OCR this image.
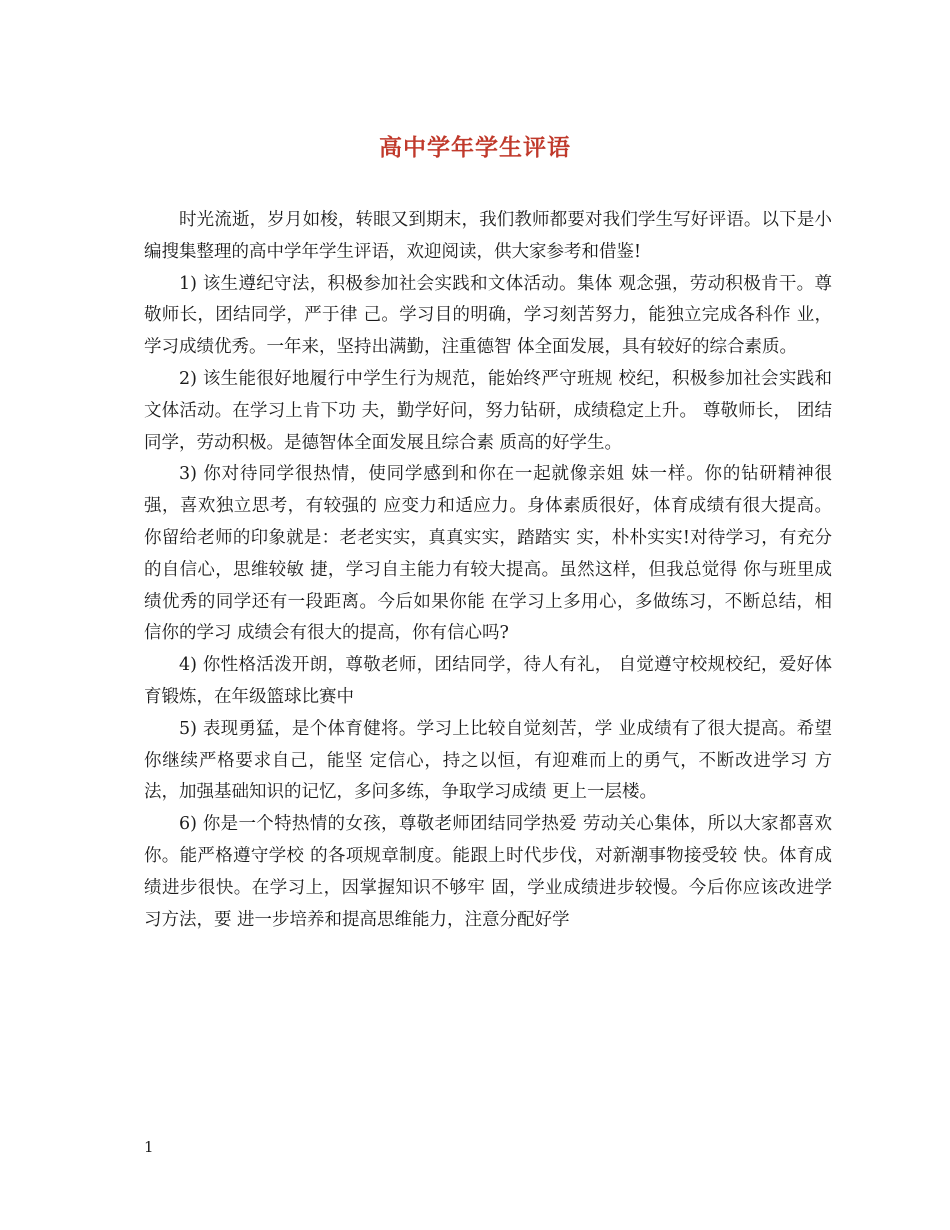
高中学年学生评语

时光流逝，岁月如梭，转眼又到期末，我们教师都要对我们学生写好评语。以下是小编搜集整理的高中学年学生评语，欢迎阅读，供大家参考和借鉴!

1) 该生遵纪守法，积极参加社会实践和文体活动。集体 观念强，劳动积极肯干。尊敬师长，团结同学，严于律 己。学习目的明确，学习刻苦努力，能独立完成各科作 业，学习成绩优秀。一年来，坚持出满勤，注重德智 体全面发展，具有较好的综合素质。

2) 该生能很好地履行中学生行为规范，能始终严守班规 校纪，积极参加社会实践和文体活动。在学习上肯下功 夫，勤学好问，努力钻研，成绩稳定上升。 尊敬师长， 团结同学，劳动积极。是德智体全面发展且综合素 质高的好学生。

3) 你对待同学很热情，使同学感到和你在一起就像亲姐 妹一样。你的钻研精神很强，喜欢独立思考，有较强的 应变力和适应力。身体素质很好，体育成绩有很大提高。 你留给老师的印象就是：老老实实，真真实实，踏踏实 实，朴朴实实!对待学习，有充分的自信心，思维较敏 捷，学习自主能力有较大提高。虽然这样，但我总觉得 你与班里成绩优秀的同学还有一段距离。今后如果你能 在学习上多用心，多做练习，不断总结，相信你的学习 成绩会有很大的提高，你有信心吗?

4) 你性格活泼开朗，尊敬老师，团结同学，待人有礼， 自觉遵守校规校纪，爱好体育锻炼，在年级篮球比赛中

5) 表现勇猛，是个体育健将。学习上比较自觉刻苦，学 业成绩有了很大提高。希望你继续严格要求自己，能坚 定信心，持之以恒，有迎难而上的勇气，不断改进学习 方法，加强基础知识的记忆，多问多练，争取学习成绩 更上一层楼。

6) 你是一个特热情的女孩，尊敬老师团结同学热爱 劳动关心集体，所以大家都喜欢你。能严格遵守学校 的各项规章制度。能跟上时代步伐，对新潮事物接受较 快。体育成绩进步很快。在学习上，因掌握知识不够牢 固，学业成绩进步较慢。今后你应该改进学习方法，要 进一步培养和提高思维能力，注意分配好学

1
